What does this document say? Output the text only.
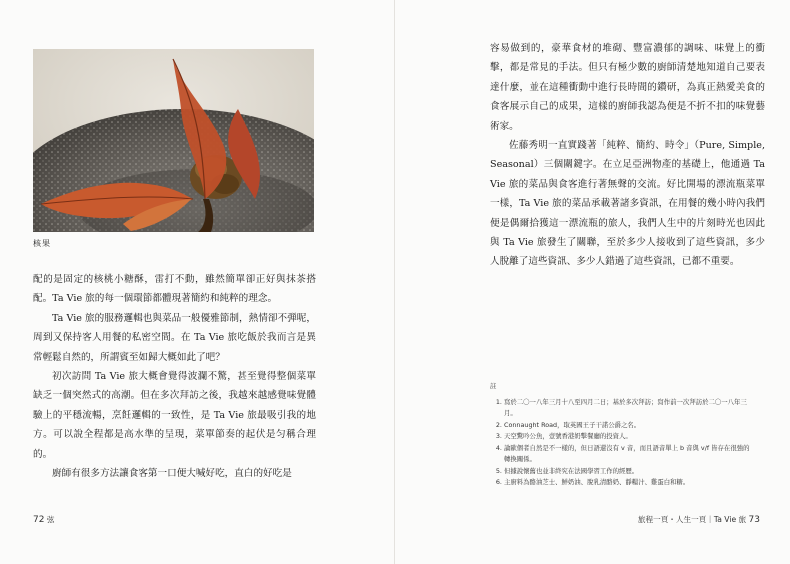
核果

配的是固定的核桃小糖酥，雷打不動，雖然簡單卻正好與抹茶搭配。Ta Vie 旅的每一個環節都體現著簡約和純粹的理念。

Ta Vie 旅的服務邏輯也與菜品一般優雅節制，熱情卻不弾呢，周到又保持客人用餐的私密空間。在 Ta Vie 旅吃飯於我而言是異常輕鬆自然的，所謂賓至如歸大概如此了吧？

初次訪問 Ta Vie 旅大概會覺得波瀾不驚，甚至覺得整個菜單缺乏一個突然式的高潮。但在多次拜訪之後，我越來越感覺味覺體驗上的平穩流暢，烹飪邏輯的一致性，是 Ta Vie 旅最吸引我的地方。可以說全程都是高水準的呈現，菜單節奏的起伏是匀稱合理的。

廚師有很多方法讓食客第一口便大喊好吃，直白的好吃是

72 弦

容易做到的，豪華食材的堆砌、豐富濃郁的調味、味覺上的衝擊，都是常見的手法。但只有極少數的廚師清楚地知道自己要表達什麼，並在這種衝動中進行長時間的鑽研，為真正熱愛美食的食客展示自己的成果，這樣的廚師我認為便是不折不扣的味覺藝術家。

佐藤秀明一直實踐著「純粹、簡約、時令」（Pure, Simple, Seasonal）三個關鍵字。在立足亞洲物產的基礎上，他通過 Ta Vie 旅的菜品與食客進行著無聲的交流。好比開場的漂流瓶菜單一樣，Ta Vie 旅的菜品承載著諸多資訊，在用餐的幾小時內我們便是偶爾拾獲這一漂流瓶的旅人，我們人生中的片刻時光也因此與 Ta Vie 旅發生了關聯，至於多少人接收到了這些資訊，多少人脫離了這些資訊、多少人錯過了這些資訊，已都不重要。

註
1. 寫於二〇一八年三月十八至四月二日；基於多次拜訪；寫作前一次拜訪於二〇一八年三月。
2. Connaught Road，取英國王子干諾公爵之名。
3. 天空驚吟公魚，壹號香港奶撃餐廳的投資人。
4. 論歐個者自然是不一樣的，但日語還沒有 v 音，而且語音單上 b 音與 v/f 皆存在很強的轉換關係。
5. 但據說懷舊也並非終究在法國學習工作的經歷。
6. 主廚料為酪油芝士、鮮奶油、脫乳清酪奶、靜糧汁、雞蛋白和糖。
旅程一頁・人生一頁｜Ta Vie 旅 73
